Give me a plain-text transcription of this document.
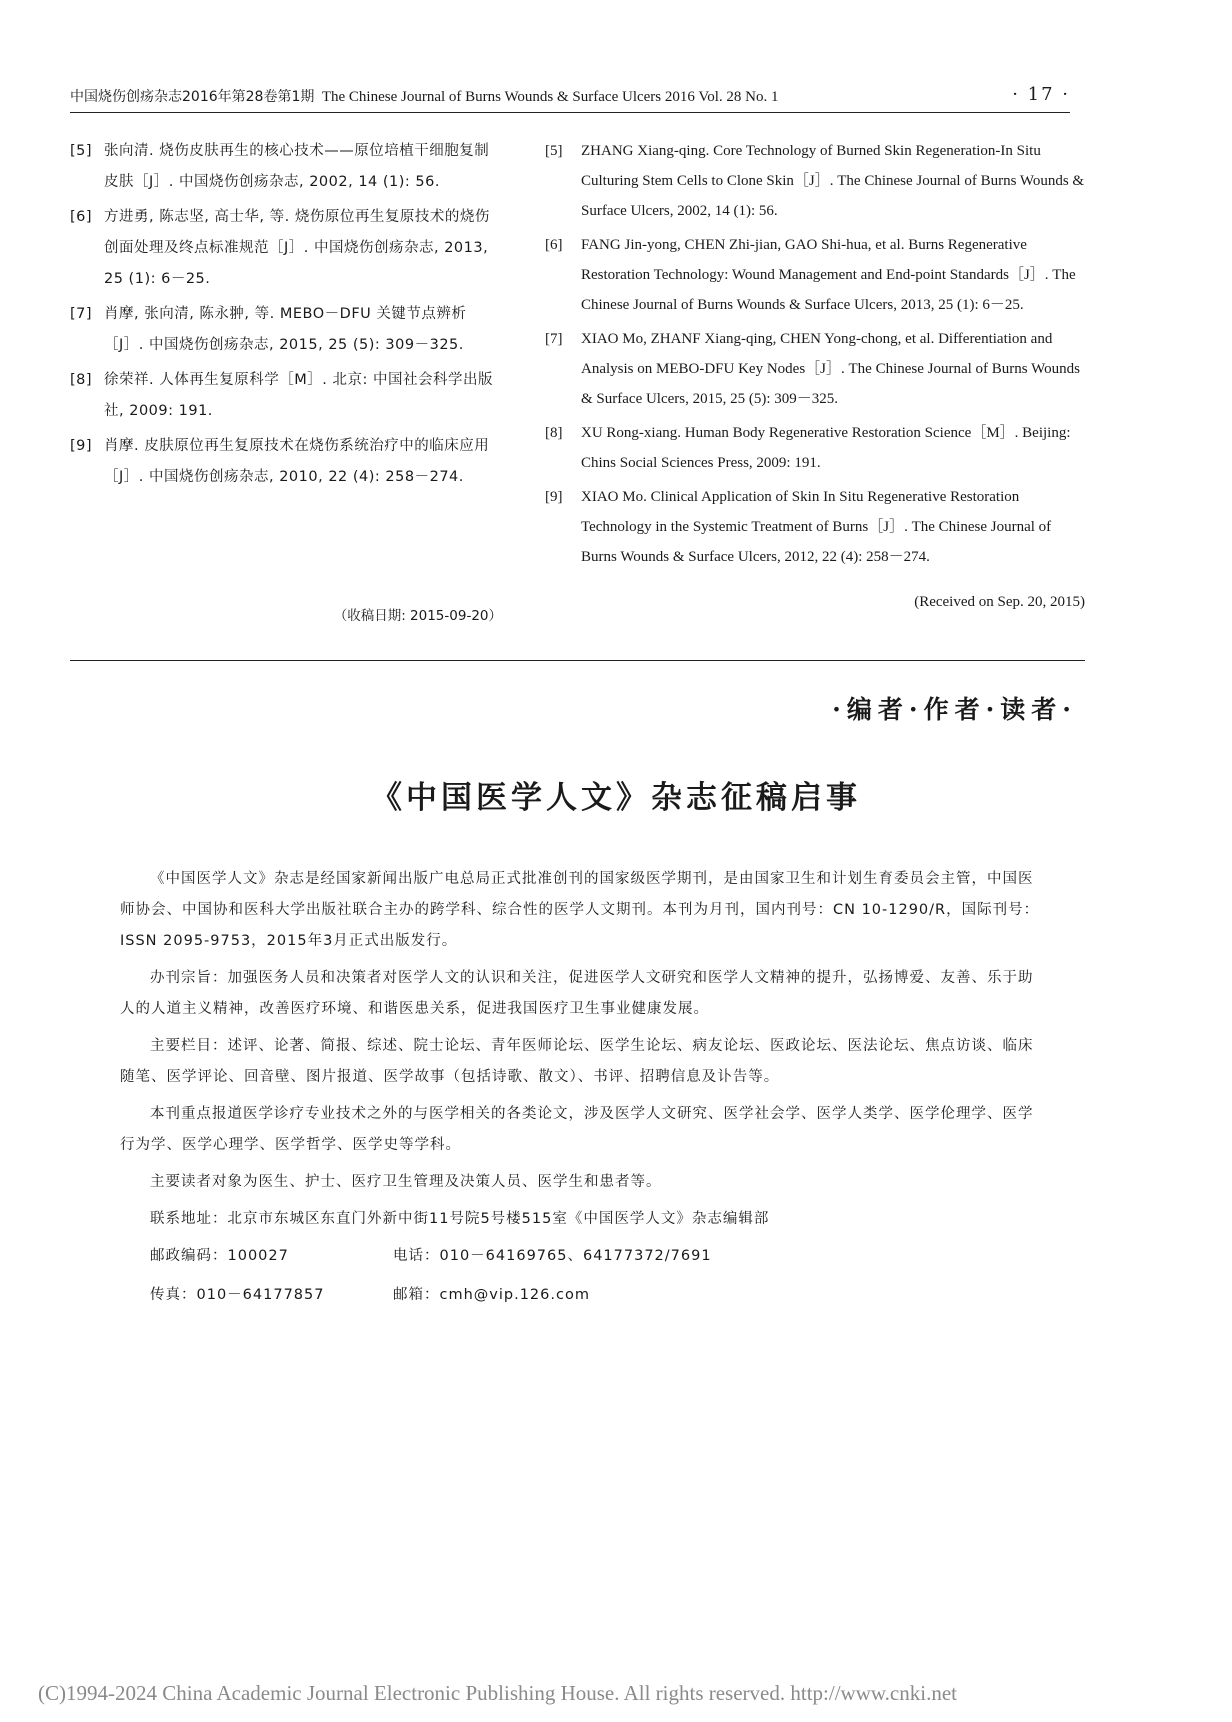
中国烧伤创疡杂志2016年第28卷第1期 The Chinese Journal of Burns Wounds & Surface Ulcers 2016 Vol. 28 No. 1	· 17 ·
[5] 张向清. 烧伤皮肤再生的核心技术——原位培植干细胞复制皮肤［J］. 中国烧伤创疡杂志, 2002, 14 (1): 56.
[6] 方进勇, 陈志坚, 高士华, 等. 烧伤原位再生复原技术的烧伤创面处理及终点标准规范［J］. 中国烧伤创疡杂志, 2013, 25 (1): 6－25.
[7] 肖摩, 张向清, 陈永翀, 等. MEBO－DFU 关键节点辨析［J］. 中国烧伤创疡杂志, 2015, 25 (5): 309－325.
[8] 徐荣祥. 人体再生复原科学［M］. 北京: 中国社会科学出版社, 2009: 191.
[9] 肖摩. 皮肤原位再生复原技术在烧伤系统治疗中的临床应用［J］. 中国烧伤创疡杂志, 2010, 22 (4): 258－274.
[5] ZHANG Xiang-qing. Core Technology of Burned Skin Regeneration-In Situ Culturing Stem Cells to Clone Skin［J］. The Chinese Journal of Burns Wounds & Surface Ulcers, 2002, 14 (1): 56.
[6] FANG Jin-yong, CHEN Zhi-jian, GAO Shi-hua, et al. Burns Regenerative Restoration Technology: Wound Management and End-point Standards［J］. The Chinese Journal of Burns Wounds & Surface Ulcers, 2013, 25 (1): 6－25.
[7] XIAO Mo, ZHANF Xiang-qing, CHEN Yong-chong, et al. Differentiation and Analysis on MEBO-DFU Key Nodes［J］. The Chinese Journal of Burns Wounds & Surface Ulcers, 2015, 25 (5): 309－325.
[8] XU Rong-xiang. Human Body Regenerative Restoration Science［M］. Beijing: Chins Social Sciences Press, 2009: 191.
[9] XIAO Mo. Clinical Application of Skin In Situ Regenerative Restoration Technology in the Systemic Treatment of Burns［J］. The Chinese Journal of Burns Wounds & Surface Ulcers, 2012, 22 (4): 258－274.
（收稿日期: 2015-09-20）
(Received on Sep. 20, 2015)
·编者·作者·读者·
《中国医学人文》杂志征稿启事

《中国医学人文》杂志是经国家新闻出版广电总局正式批准创刊的国家级医学期刊，是由国家卫生和计划生育委员会主管，中国医师协会、中国协和医科大学出版社联合主办的跨学科、综合性的医学人文期刊。本刊为月刊，国内刊号：CN 10-1290/R，国际刊号：ISSN 2095-9753，2015年3月正式出版发行。

办刊宗旨：加强医务人员和决策者对医学人文的认识和关注，促进医学人文研究和医学人文精神的提升，弘扬博爱、友善、乐于助人的人道主义精神，改善医疗环境、和谐医患关系，促进我国医疗卫生事业健康发展。

主要栏目：述评、论著、简报、综述、院士论坛、青年医师论坛、医学生论坛、病友论坛、医政论坛、医法论坛、焦点访谈、临床随笔、医学评论、回音壁、图片报道、医学故事（包括诗歌、散文）、书评、招聘信息及讣告等。

本刊重点报道医学诊疗专业技术之外的与医学相关的各类论文，涉及医学人文研究、医学社会学、医学人类学、医学伦理学、医学行为学、医学心理学、医学哲学、医学史等学科。

主要读者对象为医生、护士、医疗卫生管理及决策人员、医学生和患者等。

联系地址：北京市东城区东直门外新中街11号院5号楼515室《中国医学人文》杂志编辑部

邮政编码：100027	电话：010－64169765、64177372/7691
传真：010－64177857	邮箱：cmh@vip.126.com
(C)1994-2024 China Academic Journal Electronic Publishing House. All rights reserved. http://www.cnki.net
